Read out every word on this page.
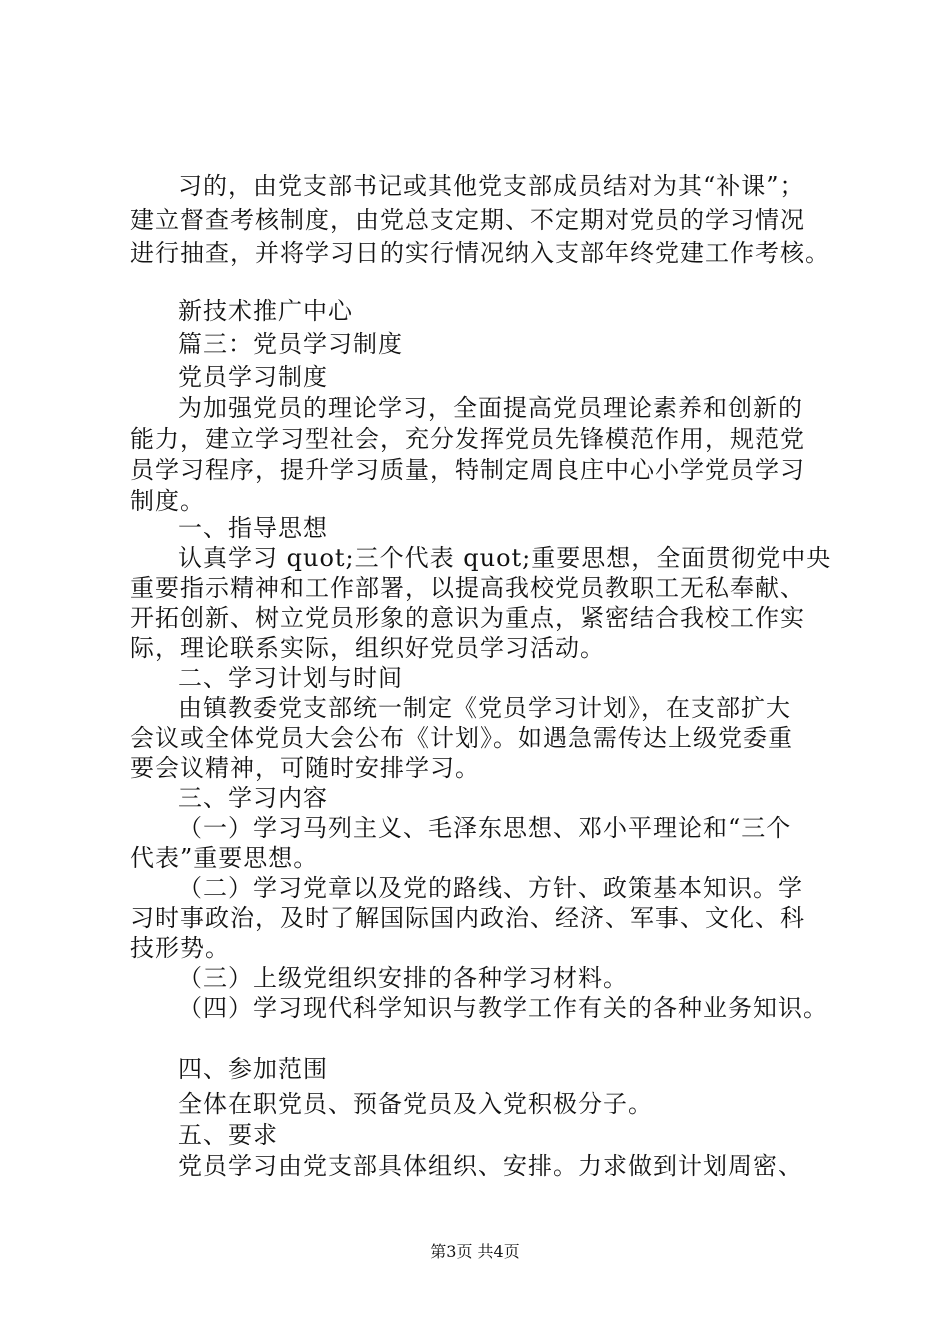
习的，由党支部书记或其他党支部成员结对为其“补课”；
建立督查考核制度，由党总支定期、不定期对党员的学习情况
进行抽查，并将学习日的实行情况纳入支部年终党建工作考核。
新技术推广中心
篇三：党员学习制度
党员学习制度
为加强党员的理论学习，全面提高党员理论素养和创新的
能力，建立学习型社会，充分发挥党员先锋模范作用，规范党
员学习程序，提升学习质量，特制定周良庄中心小学党员学习
制度。
一、指导思想
认真学习 quot;三个代表 quot;重要思想，全面贯彻党中央
重要指示精神和工作部署，以提高我校党员教职工无私奉献、
开拓创新、树立党员形象的意识为重点，紧密结合我校工作实
际，理论联系实际，组织好党员学习活动。
二、学习计划与时间
由镇教委党支部统一制定《党员学习计划》，在支部扩大
会议或全体党员大会公布《计划》。如遇急需传达上级党委重
要会议精神，可随时安排学习。
三、学习内容
（一）学习马列主义、毛泽东思想、邓小平理论和“三个
代表”重要思想。
（二）学习党章以及党的路线、方针、政策基本知识。学
习时事政治，及时了解国际国内政治、经济、军事、文化、科
技形势。
（三）上级党组织安排的各种学习材料。
（四）学习现代科学知识与教学工作有关的各种业务知识。
四、参加范围
全体在职党员、预备党员及入党积极分子。
五、要求
党员学习由党支部具体组织、安排。力求做到计划周密、
第3页 共4页
